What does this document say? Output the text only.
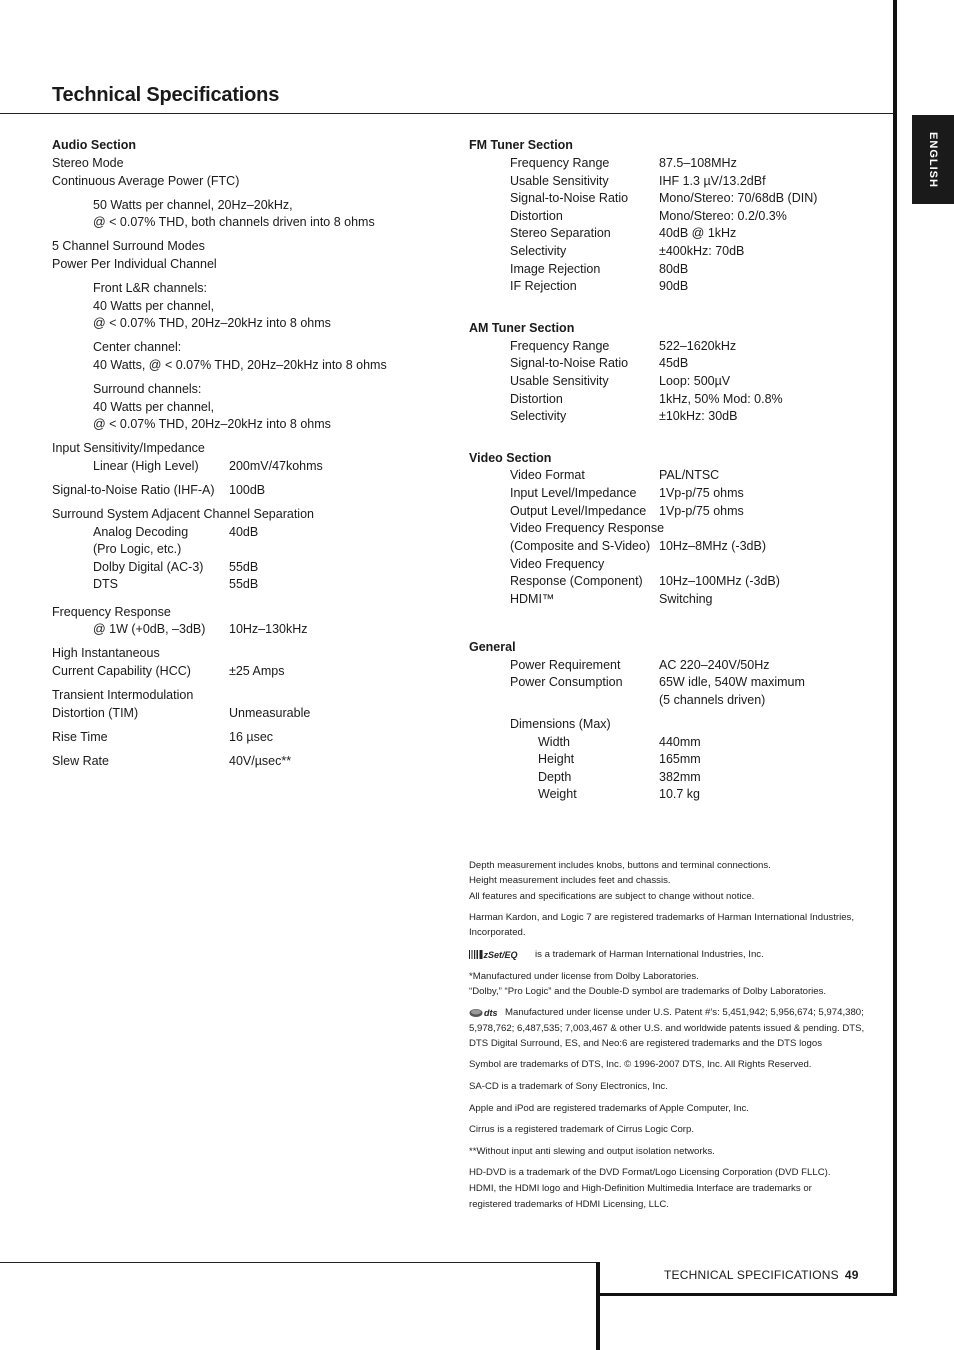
Technical Specifications
ENGLISH
TECHNICAL SPECIFICATIONS 49
Audio Section
Stereo Mode
Continuous Average Power (FTC)
50 Watts per channel, 20Hz–20kHz,
@ < 0.07% THD, both channels driven into 8 ohms
5 Channel Surround Modes
Power Per Individual Channel
Front L&R channels:
40 Watts per channel,
@ < 0.07% THD, 20Hz–20kHz into 8 ohms
Center channel:
40 Watts, @ < 0.07% THD, 20Hz–20kHz into 8 ohms
Surround channels:
40 Watts per channel,
@ < 0.07% THD, 20Hz–20kHz into 8 ohms
Input Sensitivity/Impedance
Linear (High Level) 200mV/47kohms
Signal-to-Noise Ratio (IHF-A) 100dB
Surround System Adjacent Channel Separation
Analog Decoding	40dB
(Pro Logic, etc.)
Dolby Digital (AC-3) 55dB
DTS	55dB
Frequency Response
@ 1W (+0dB, –3dB) 10Hz–130kHz
High Instantaneous
Current Capability (HCC)	±25 Amps
Transient Intermodulation
Distortion (TIM)	Unmeasurable
Rise Time	16 µsec
Slew Rate	40V/µsec**
FM Tuner Section
Frequency Range	87.5–108MHz
Usable Sensitivity	IHF 1.3 µV/13.2dBf
Signal-to-Noise Ratio Mono/Stereo: 70/68dB (DIN)
Distortion	Mono/Stereo: 0.2/0.3%
Stereo Separation	40dB @ 1kHz
Selectivity	±400kHz: 70dB
Image Rejection	80dB
IF Rejection	90dB
AM Tuner Section
Frequency Range	522–1620kHz
Signal-to-Noise Ratio 45dB
Usable Sensitivity	Loop: 500µV
Distortion	1kHz, 50% Mod: 0.8%
Selectivity	±10kHz: 30dB
Video Section
Video Format	PAL/NTSC
Input Level/Impedance 1Vp-p/75 ohms
Output Level/Impedance 1Vp-p/75 ohms
Video Frequency Response
(Composite and S-Video) 10Hz–8MHz (-3dB)
Video Frequency
Response (Component) 10Hz–100MHz (-3dB)
HDMI™	Switching
General
Power Requirement	AC 220–240V/50Hz
Power Consumption	65W idle, 540W maximum
(5 channels driven)
Dimensions (Max)
Width	440mm
Height	165mm
Depth	382mm
Weight	10.7 kg
Depth measurement includes knobs, buttons and terminal connections.
Height measurement includes feet and chassis.
All features and specifications are subject to change without notice.
Harman Kardon, and Logic 7 are registered trademarks of Harman International Industries,
Incorporated.
zSet/EQ is a trademark of Harman International Industries, Inc.
*Manufactured under license from Dolby Laboratories.
“Dolby,” “Pro Logic” and the Double-D symbol are trademarks of Dolby Laboratories.
dts Manufactured under license under U.S. Patent #’s: 5,451,942; 5,956,674; 5,974,380;
5,978,762; 6,487,535; 7,003,467 & other U.S. and worldwide patents issued & pending. DTS,
DTS Digital Surround, ES, and Neo:6 are registered trademarks and the DTS logos
Symbol are trademarks of DTS, Inc. © 1996-2007 DTS, Inc. All Rights Reserved.
SA-CD is a trademark of Sony Electronics, Inc.
Apple and iPod are registered trademarks of Apple Computer, Inc.
Cirrus is a registered trademark of Cirrus Logic Corp.
**Without input anti slewing and output isolation networks.
HD-DVD is a trademark of the DVD Format/Logo Licensing Corporation (DVD FLLC).
HDMI, the HDMI logo and High-Definition Multimedia Interface are trademarks or
registered trademarks of HDMI Licensing, LLC.
